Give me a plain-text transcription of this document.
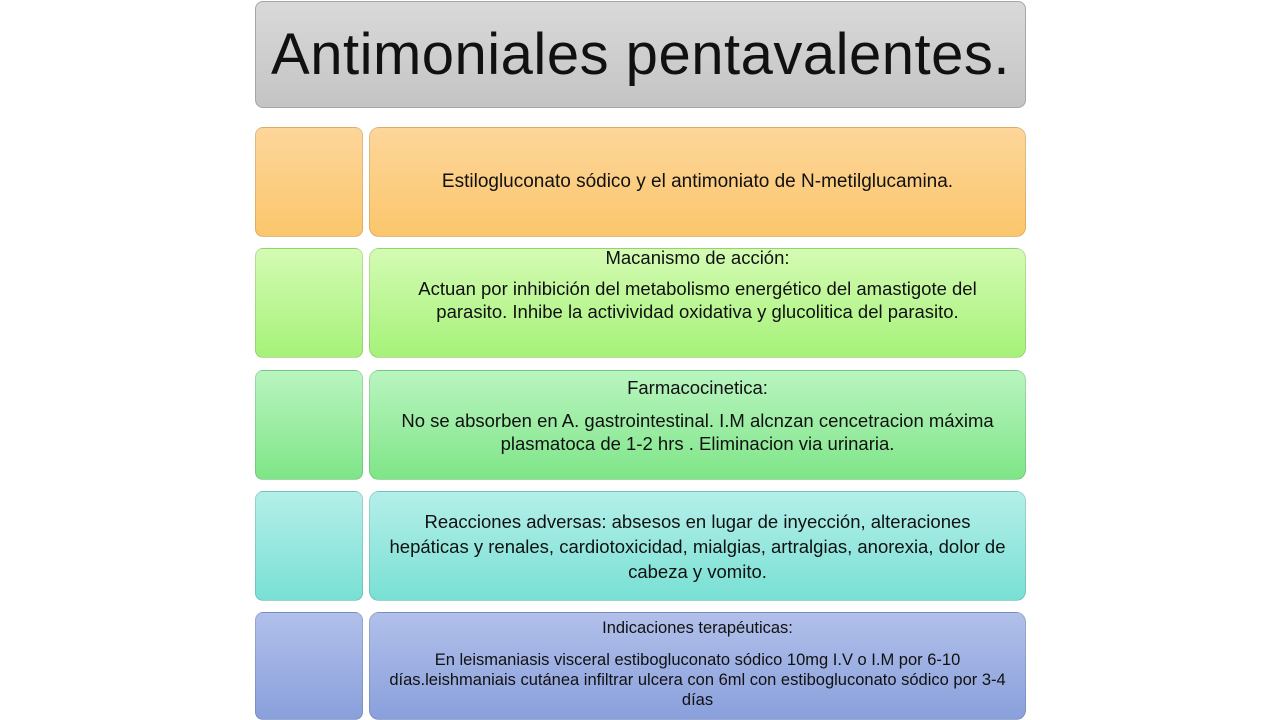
Antimoniales pentavalentes.

Estilogluconato sódico y el antimoniato de N-metilglucamina.

Macanismo de acción:

Actuan por inhibición del metabolismo energético del amastigote del parasito. Inhibe la activividad oxidativa y glucolitica del parasito.

Farmacocinetica:

No se absorben en A. gastrointestinal. I.M alcnzan cencetracion máxima plasmatoca de 1-2 hrs . Eliminacion via urinaria.

Reacciones adversas: absesos en lugar de inyección, alteraciones hepáticas y renales, cardiotoxicidad, mialgias, artralgias, anorexia, dolor de cabeza y vomito.

Indicaciones terapéuticas:

En leismaniasis visceral estibogluconato sódico 10mg I.V o I.M por 6-10 días.leishmaniais cutánea infiltrar ulcera con 6ml con estibogluconato sódico por 3-4 días
